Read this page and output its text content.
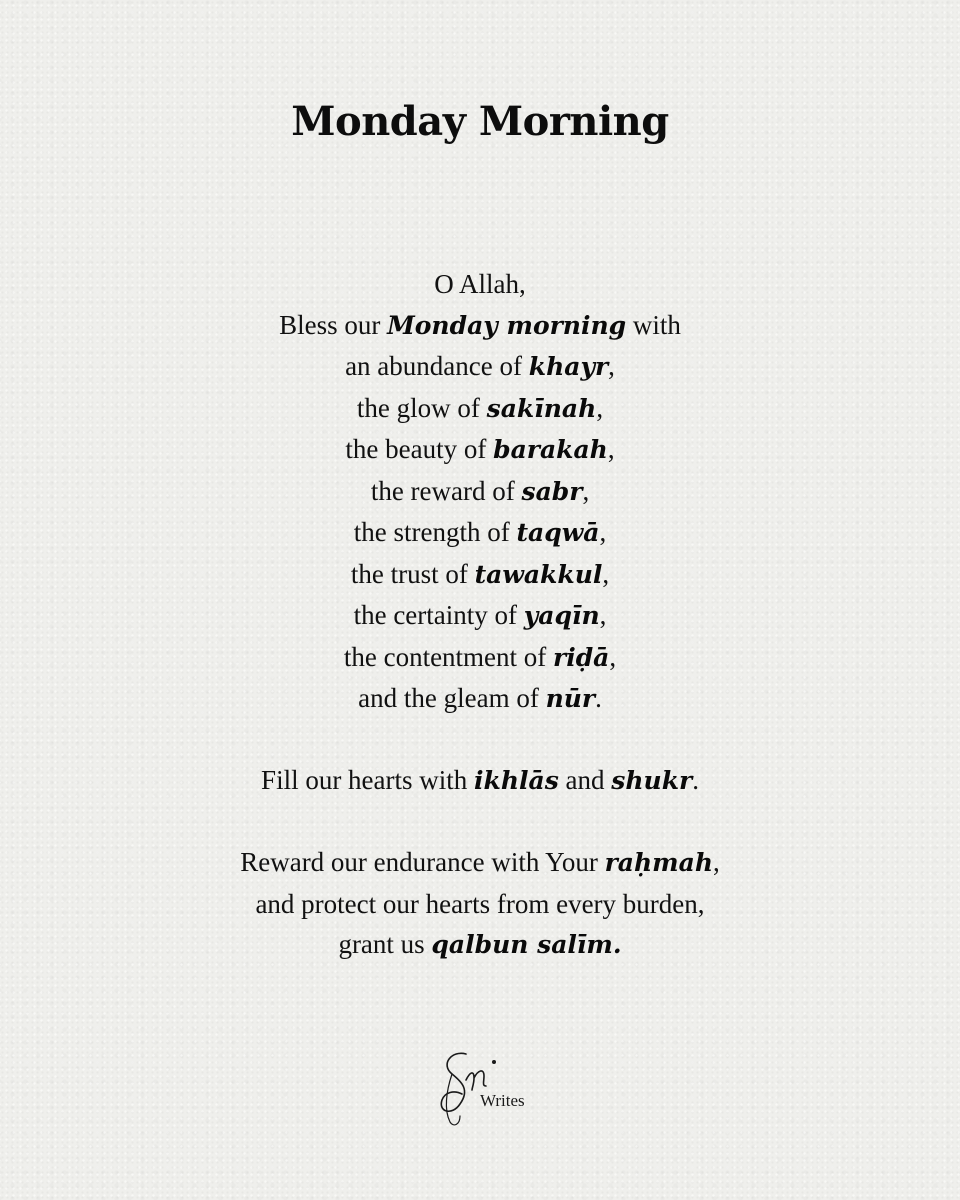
Monday Morning
O Allah,
Bless our Monday morning with
an abundance of khayr,
the glow of sakīnah,
the beauty of barakah,
the reward of sabr,
the strength of taqwā,
the trust of tawakkul,
the certainty of yaqīn,
the contentment of riḍā,
and the gleam of nūr.
Fill our hearts with ikhlās and shukr.
Reward our endurance with Your raḥmah,
and protect our hearts from every burden,
grant us qalbun salīm.
Writes
